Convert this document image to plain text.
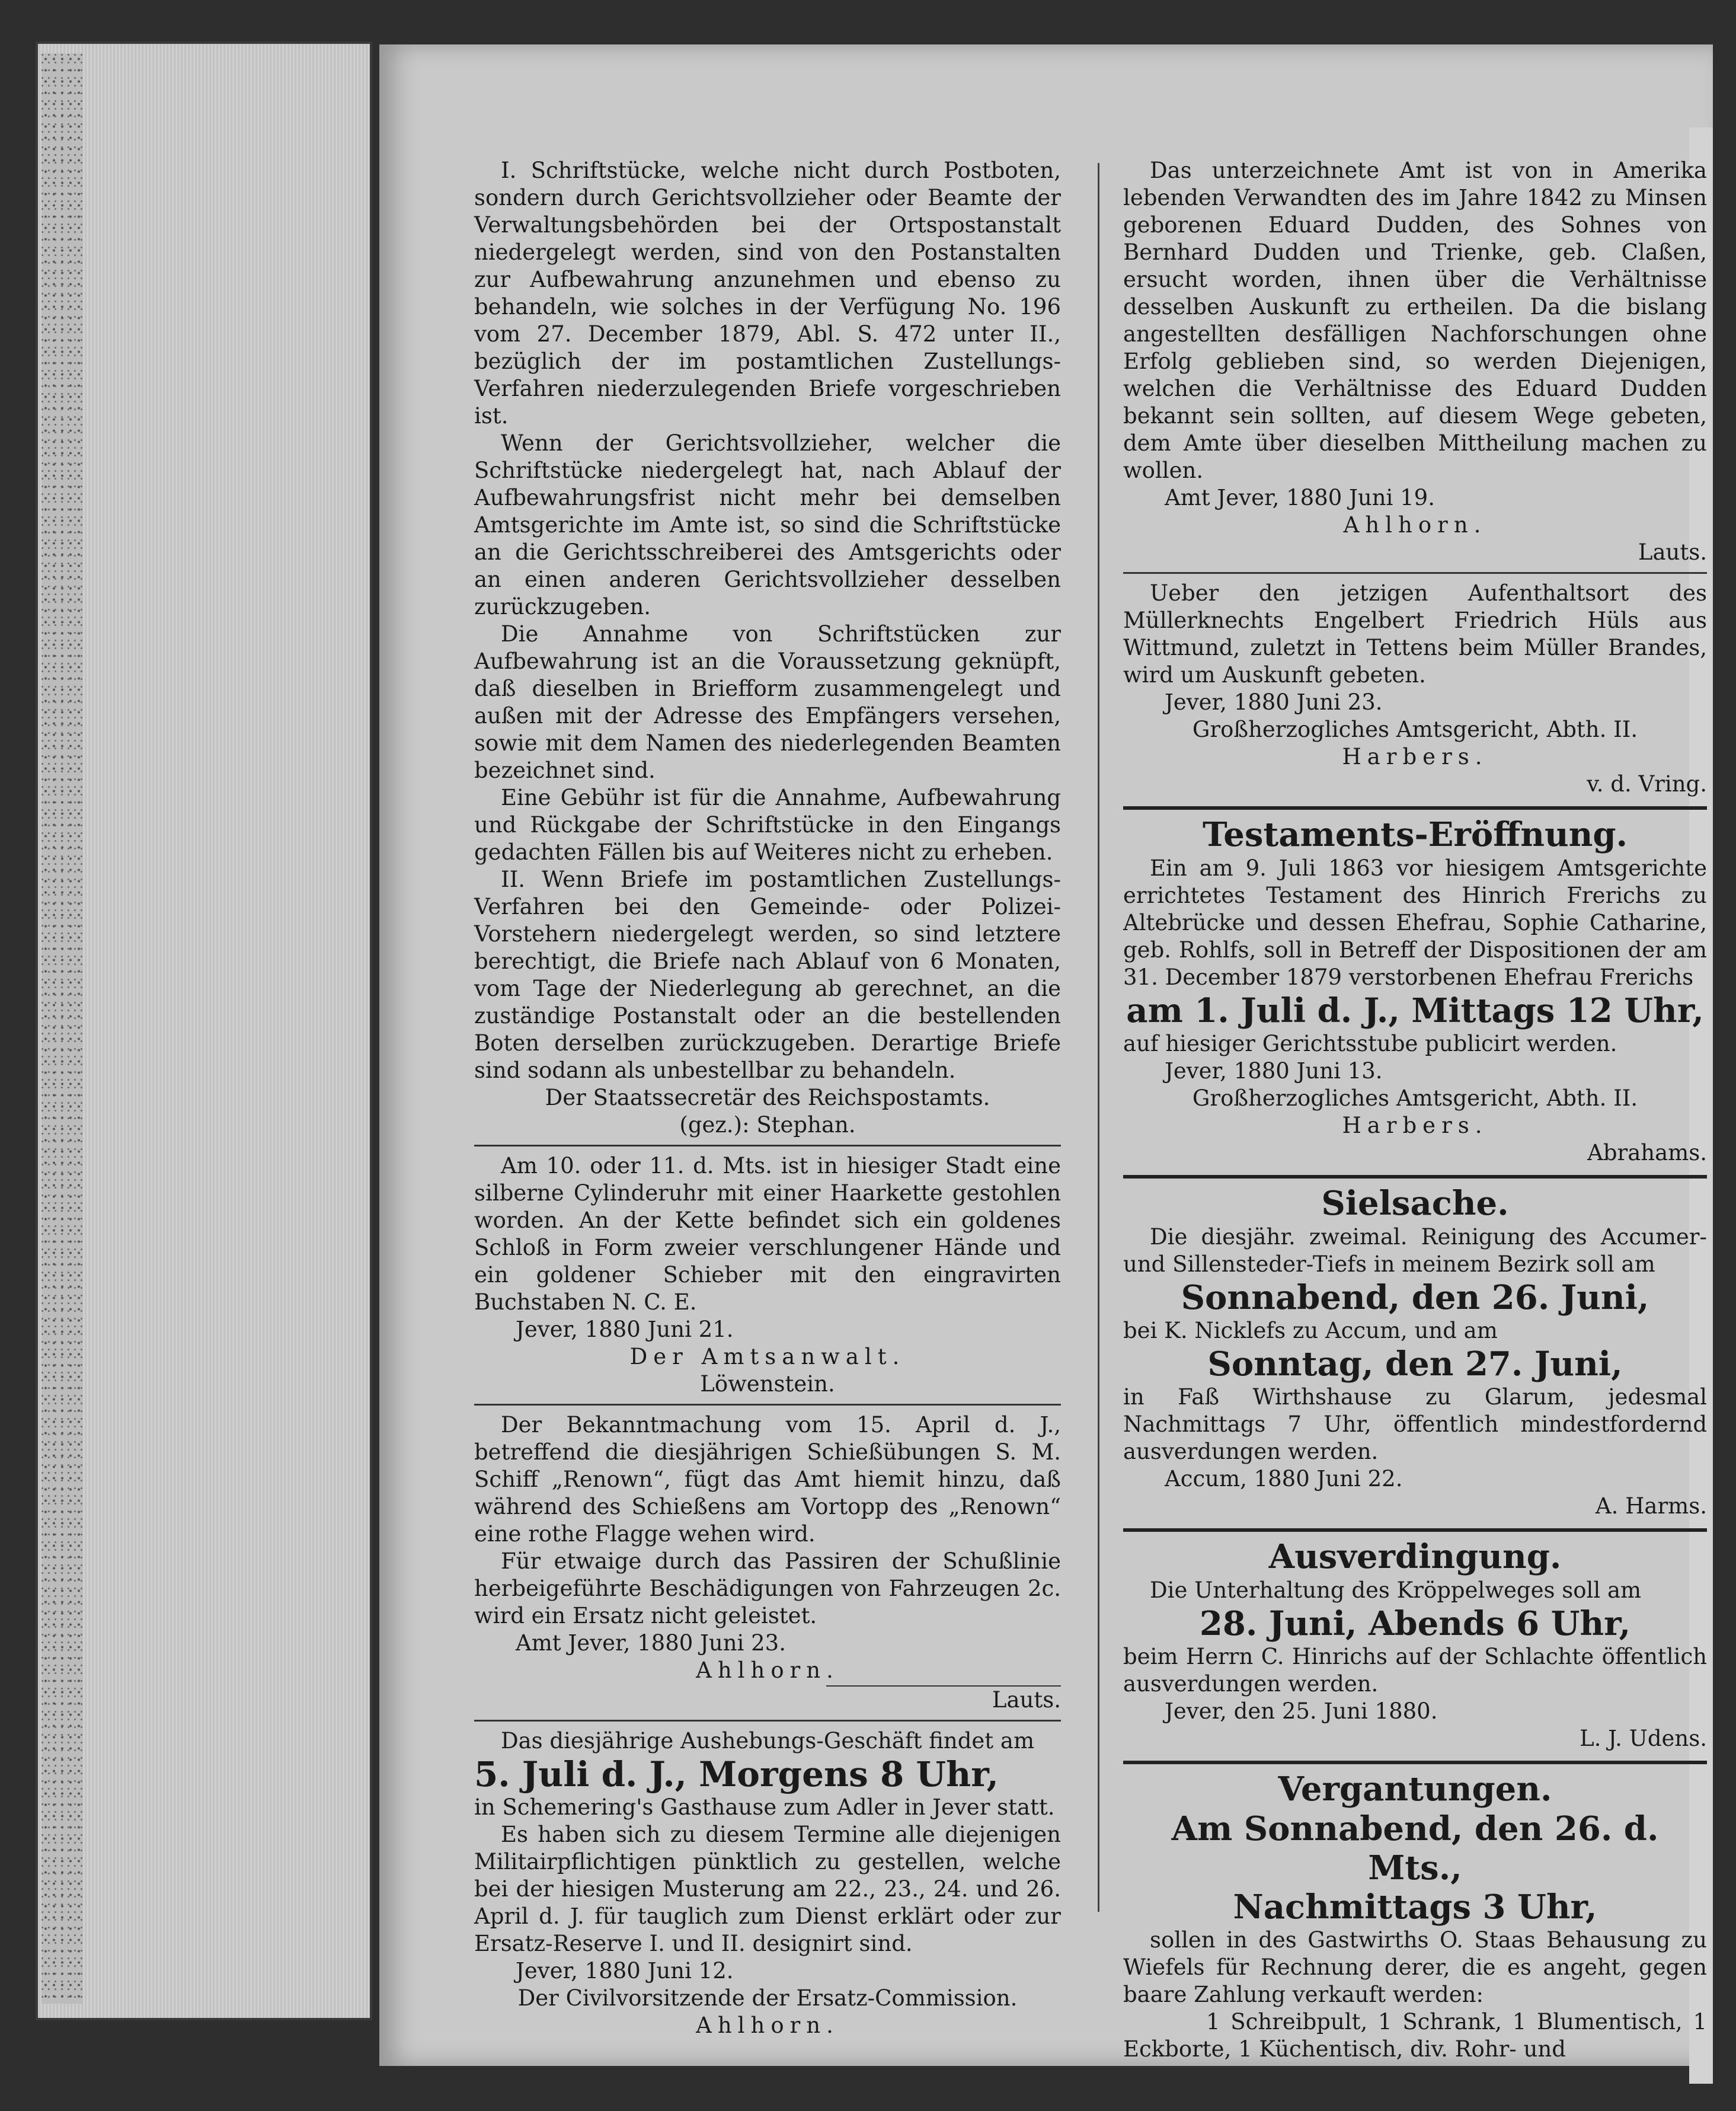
I. Schriftstücke, welche nicht durch Postboten, sondern durch Gerichtsvollzieher oder Beamte der Verwaltungsbehörden bei der Ortspostanstalt niedergelegt werden, sind von den Postanstalten zur Aufbewahrung anzunehmen und ebenso zu behandeln, wie solches in der Verfügung No. 196 vom 27. December 1879, Abl. S. 472 unter II., bezüglich der im postamtlichen Zustellungs-Verfahren niederzulegenden Briefe vorgeschrieben ist.

Wenn der Gerichtsvollzieher, welcher die Schriftstücke niedergelegt hat, nach Ablauf der Aufbewahrungsfrist nicht mehr bei demselben Amtsgerichte im Amte ist, so sind die Schriftstücke an die Gerichtsschreiberei des Amtsgerichts oder an einen anderen Gerichtsvollzieher desselben zurückzugeben.

Die Annahme von Schriftstücken zur Aufbewahrung ist an die Voraussetzung geknüpft, daß dieselben in Briefform zusammengelegt und außen mit der Adresse des Empfängers versehen, sowie mit dem Namen des niederlegenden Beamten bezeichnet sind.

Eine Gebühr ist für die Annahme, Aufbewahrung und Rückgabe der Schriftstücke in den Eingangs gedachten Fällen bis auf Weiteres nicht zu erheben.

II. Wenn Briefe im postamtlichen Zustellungs-Verfahren bei den Gemeinde- oder Polizei-Vorstehern niedergelegt werden, so sind letztere berechtigt, die Briefe nach Ablauf von 6 Monaten, vom Tage der Niederlegung ab gerechnet, an die zuständige Postanstalt oder an die bestellenden Boten derselben zurückzugeben. Derartige Briefe sind sodann als unbestellbar zu behandeln.

Der Staatssecretär des Reichspostamts.

(gez.): Stephan.

Am 10. oder 11. d. Mts. ist in hiesiger Stadt eine silberne Cylinderuhr mit einer Haarkette gestohlen worden. An der Kette befindet sich ein goldenes Schloß in Form zweier verschlungener Hände und ein goldener Schieber mit den eingravirten Buchstaben N. C. E.

Jever, 1880 Juni 21.

Der Amtsanwalt.

Löwenstein.

Der Bekanntmachung vom 15. April d. J., betreffend die diesjährigen Schießübungen S. M. Schiff „Renown“, fügt das Amt hiemit hinzu, daß während des Schießens am Vortopp des „Renown“ eine rothe Flagge wehen wird.

Für etwaige durch das Passiren der Schußlinie herbeigeführte Beschädigungen von Fahrzeugen 2c. wird ein Ersatz nicht geleistet.

Amt Jever, 1880 Juni 23.

Ahlhorn.

Lauts.

Das diesjährige Aushebungs-Geschäft findet am

5. Juli d. J., Morgens 8 Uhr,

in Schemering's Gasthause zum Adler in Jever statt.

Es haben sich zu diesem Termine alle diejenigen Militairpflichtigen pünktlich zu gestellen, welche bei der hiesigen Musterung am 22., 23., 24. und 26. April d. J. für tauglich zum Dienst erklärt oder zur Ersatz-Reserve I. und II. designirt sind.

Jever, 1880 Juni 12.

Der Civilvorsitzende der Ersatz-Commission.

Ahlhorn.

Das unterzeichnete Amt ist von in Amerika lebenden Verwandten des im Jahre 1842 zu Minsen geborenen Eduard Dudden, des Sohnes von Bernhard Dudden und Trienke, geb. Claßen, ersucht worden, ihnen über die Verhältnisse desselben Auskunft zu ertheilen. Da die bislang angestellten desfälligen Nachforschungen ohne Erfolg geblieben sind, so werden Diejenigen, welchen die Verhältnisse des Eduard Dudden bekannt sein sollten, auf diesem Wege gebeten, dem Amte über dieselben Mittheilung machen zu wollen.

Amt Jever, 1880 Juni 19.

Ahlhorn.

Lauts.

Ueber den jetzigen Aufenthaltsort des Müllerknechts Engelbert Friedrich Hüls aus Wittmund, zuletzt in Tettens beim Müller Brandes, wird um Auskunft gebeten.

Jever, 1880 Juni 23.

Großherzogliches Amtsgericht, Abth. II.

Harbers.

v. d. Vring.

Testaments-Eröffnung.

Ein am 9. Juli 1863 vor hiesigem Amtsgerichte errichtetes Testament des Hinrich Frerichs zu Altebrücke und dessen Ehefrau, Sophie Catharine, geb. Rohlfs, soll in Betreff der Dispositionen der am 31. December 1879 verstorbenen Ehefrau Frerichs

am 1. Juli d. J., Mittags 12 Uhr,

auf hiesiger Gerichtsstube publicirt werden.

Jever, 1880 Juni 13.

Großherzogliches Amtsgericht, Abth. II.

Harbers.

Abrahams.

Sielsache.

Die diesjähr. zweimal. Reinigung des Accumer- und Sillensteder-Tiefs in meinem Bezirk soll am

Sonnabend, den 26. Juni,

bei K. Nicklefs zu Accum, und am

Sonntag, den 27. Juni,

in Faß Wirthshause zu Glarum, jedesmal Nachmittags 7 Uhr, öffentlich mindestfordernd ausverdungen werden.

Accum, 1880 Juni 22.

A. Harms.

Ausverdingung.

Die Unterhaltung des Kröppelweges soll am

28. Juni, Abends 6 Uhr,

beim Herrn C. Hinrichs auf der Schlachte öffentlich ausverdungen werden.

Jever, den 25. Juni 1880.

L. J. Udens.

Vergantungen.

Am Sonnabend, den 26. d. Mts.,

Nachmittags 3 Uhr,

sollen in des Gastwirths O. Staas Behausung zu Wiefels für Rechnung derer, die es angeht, gegen baare Zahlung verkauft werden:

1 Schreibpult, 1 Schrank, 1 Blumentisch, 1 Eckborte, 1 Küchentisch, div. Rohr- und
